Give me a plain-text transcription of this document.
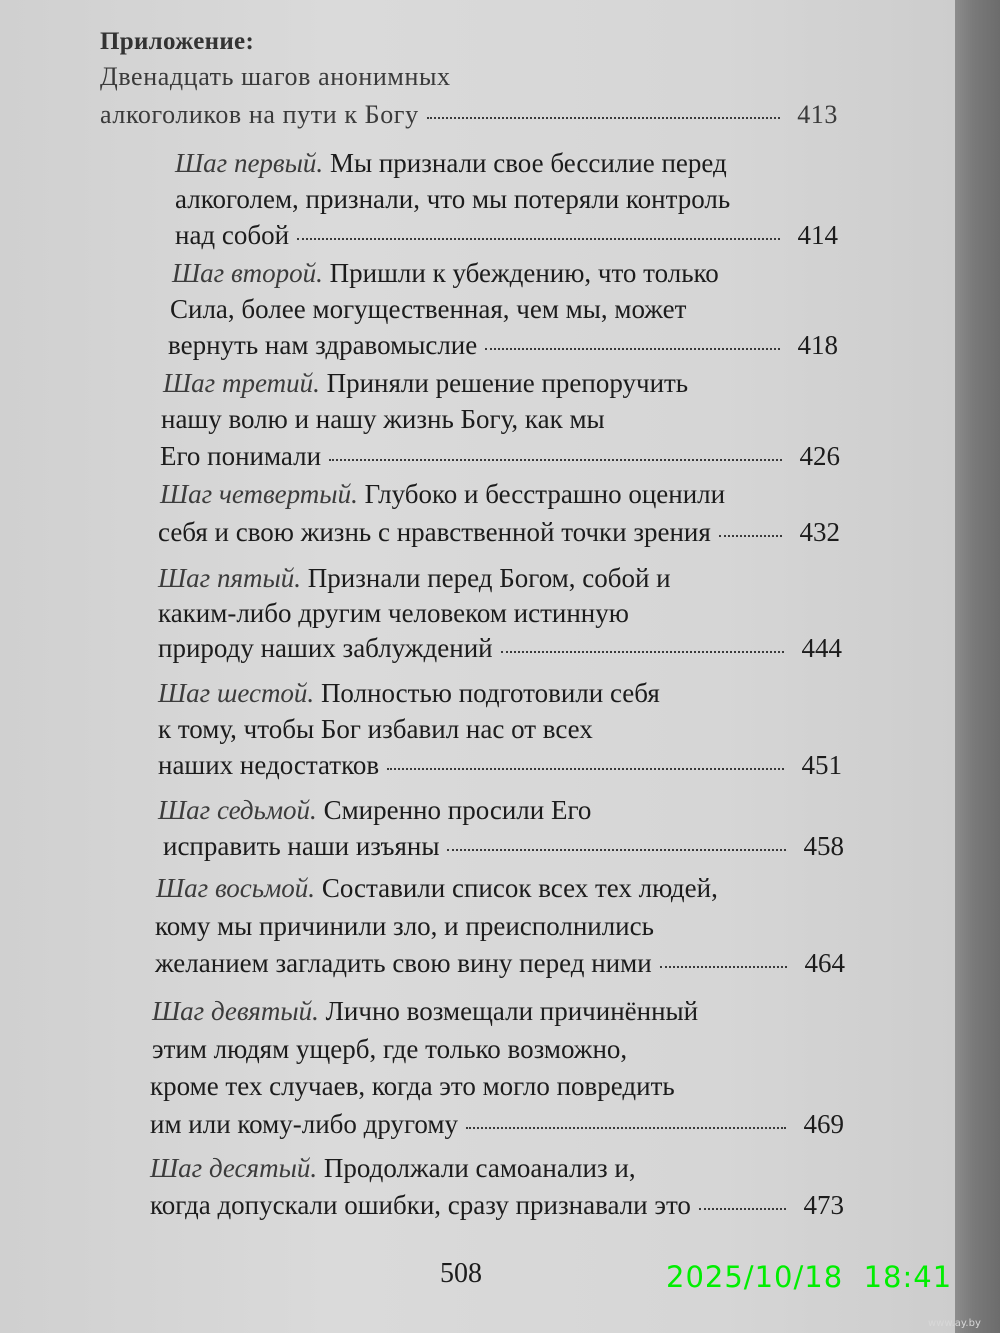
Приложение:
Двенадцать шагов анонимных
алкоголиков на пути к Богу	413
Шаг первый. Мы признали свое бессилие перед
алкоголем, признали, что мы потеряли контроль
над собой	414
Шаг второй. Пришли к убеждению, что только
Сила, более могущественная, чем мы, может
вернуть нам здравомыслие	418
Шаг третий. Приняли решение препоручить
нашу волю и нашу жизнь Богу, как мы
Его понимали	426
Шаг четвертый. Глубоко и бесстрашно оценили
себя и свою жизнь с нравственной точки зрения	432
Шаг пятый. Признали перед Богом, собой и
каким-либо другим человеком истинную
природу наших заблуждений	444
Шаг шестой. Полностью подготовили себя
к тому, чтобы Бог избавил нас от всех
наших недостатков	451
Шаг седьмой. Смиренно просили Его
исправить наши изъяны	458
Шаг восьмой. Составили список всех тех людей,
кому мы причинили зло, и преисполнились
желанием загладить свою вину перед ними	464
Шаг девятый. Лично возмещали причинённый
этим людям ущерб, где только возможно,
кроме тех случаев, когда это могло повредить
им или кому-либо другому	469
Шаг десятый. Продолжали самоанализ и,
когда допускали ошибки, сразу признавали это	473
508	2025/10/18  18:41
www.ay.by
